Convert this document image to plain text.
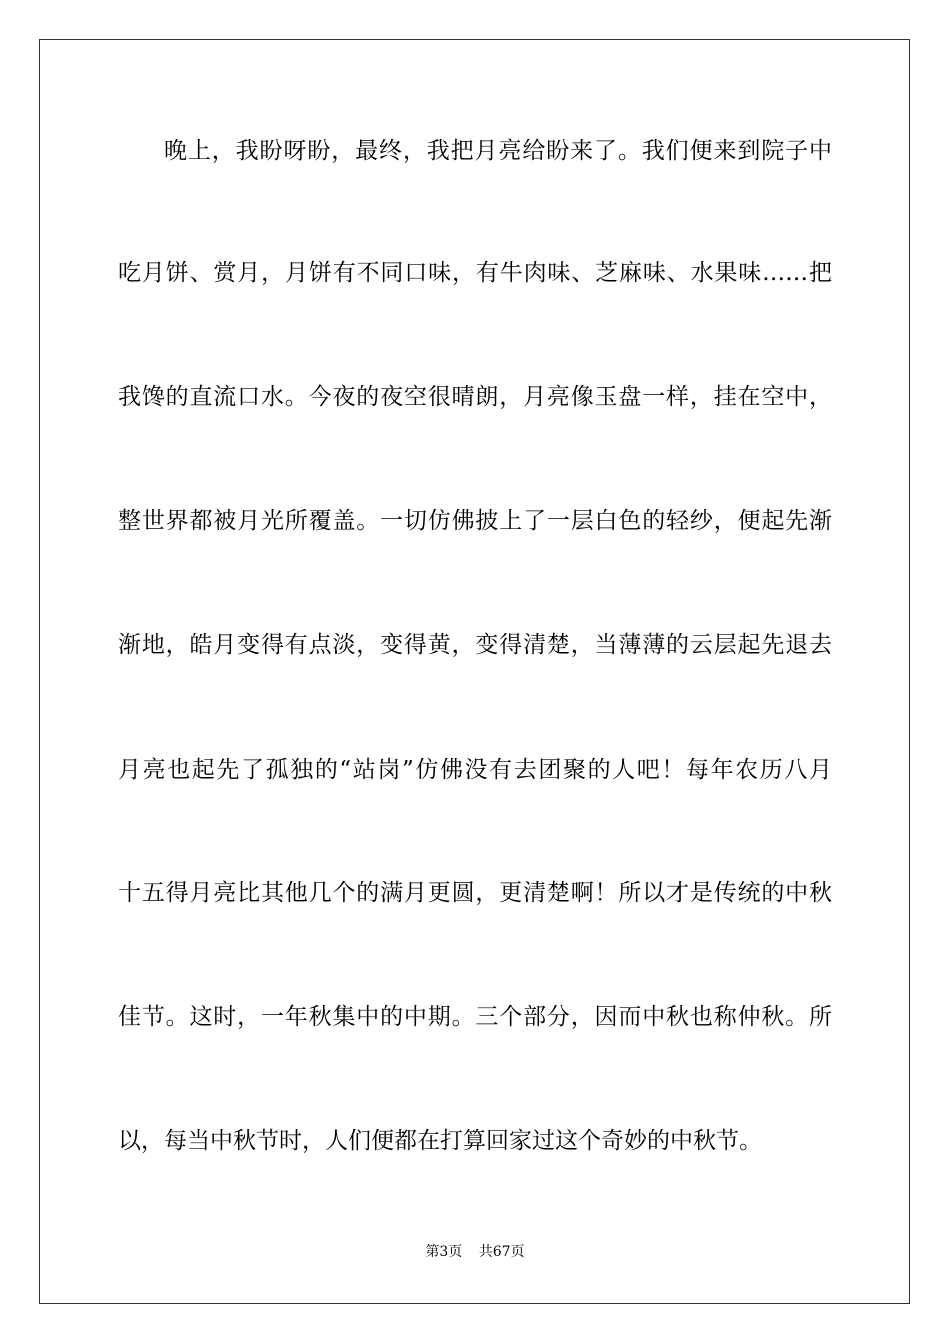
晚上，我盼呀盼，最终，我把月亮给盼来了。我们便来到院子中
吃月饼、赏月，月饼有不同口味，有牛肉味、芝麻味、水果味……把
我馋的直流口水。今夜的夜空很晴朗，月亮像玉盘一样，挂在空中，
整世界都被月光所覆盖。一切仿佛披上了一层白色的轻纱，便起先渐
渐地，皓月变得有点淡，变得黄，变得清楚，当薄薄的云层起先退去
月亮也起先了孤独的“站岗”仿佛没有去团聚的人吧！每年农历八月
十五得月亮比其他几个的满月更圆，更清楚啊！所以才是传统的中秋
佳节。这时，一年秋集中的中期。三个部分，因而中秋也称仲秋。所
以，每当中秋节时，人们便都在打算回家过这个奇妙的中秋节。
第3页 共67页
